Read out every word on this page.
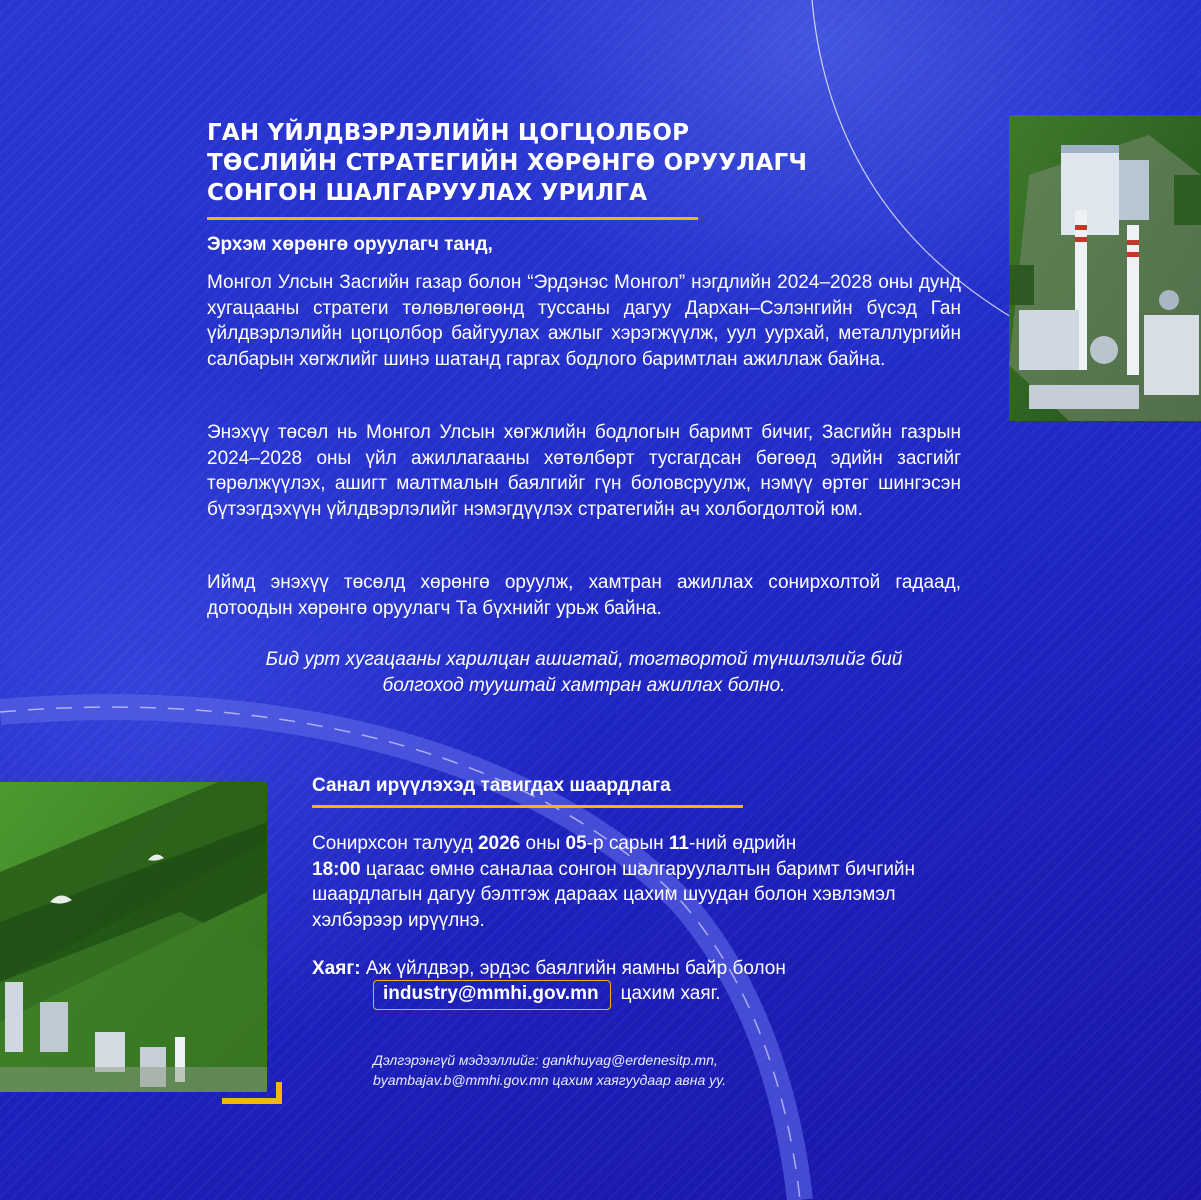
ГАН ҮЙЛДВЭРЛЭЛИЙН ЦОГЦОЛБОР
ТӨСЛИЙН СТРАТЕГИЙН ХӨРӨНГӨ ОРУУЛАГЧ
СОНГОН ШАЛГАРУУЛАХ УРИЛГА
Эрхэм хөрөнгө оруулагч танд,
Монгол Улсын Засгийн газар болон “Эрдэнэс Монгол” нэгдлийн 2024–2028 оны дунд хугацааны стратеги төлөвлөгөөнд туссаны дагуу Дархан–Сэлэнгийн бүсэд Ган үйлдвэрлэлийн цогцолбор байгуулах ажлыг хэрэгжүүлж, уул уурхай, металлургийн салбарын хөгжлийг шинэ шатанд гаргах бодлого баримтлан ажиллаж байна.
Энэхүү төсөл нь Монгол Улсын хөгжлийн бодлогын баримт бичиг, Засгийн газрын 2024–2028 оны үйл ажиллагааны хөтөлбөрт тусгагдсан бөгөөд эдийн засгийг төрөлжүүлэх, ашигт малтмалын баялгийг гүн боловсруулж, нэмүү өртөг шингэсэн бүтээгдэхүүн үйлдвэрлэлийг нэмэгдүүлэх стратегийн ач холбогдолтой юм.
Иймд энэхүү төсөлд хөрөнгө оруулж, хамтран ажиллах сонирхолтой гадаад, дотоодын хөрөнгө оруулагч Та бүхнийг урьж байна.
Бид урт хугацааны харилцан ашигтай, тогтвортой түншлэлийг бий
болгоход тууштай хамтран ажиллах болно.
Санал ирүүлэхэд тавигдах шаардлага
Сонирхсон талууд 2026 оны 05-р сарын 11-ний өдрийн
18:00 цагаас өмнө саналаа сонгон шалгаруулалтын баримт бичгийн шаардлагын дагуу бэлтгэж дараах цахим шуудан болон хэвлэмэл хэлбэрээр ирүүлнэ.
Хаяг: Аж үйлдвэр, эрдэс баялгийн яамны байр болон
industry@mmhi.gov.mn цахим хаяг.
Дэлгэрэнгүй мэдээллийг: gankhuyag@erdenesitp.mn,
byambajav.b@mmhi.gov.mn цахим хаягуудаар авна уу.
